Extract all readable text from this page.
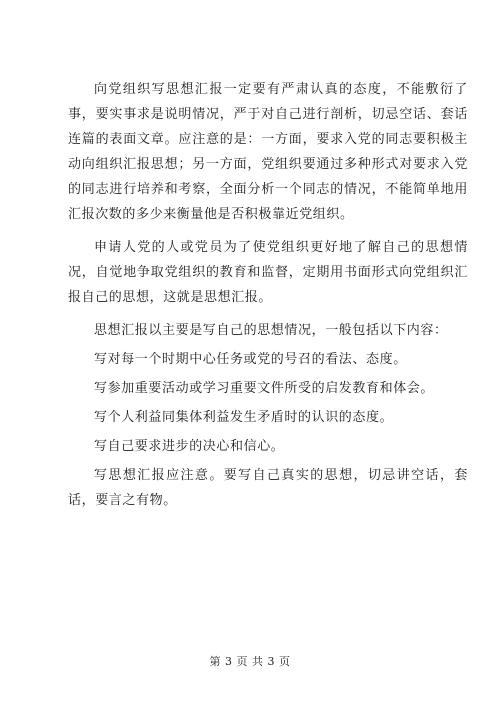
向党组织写思想汇报一定要有严肃认真的态度，不能敷衍了事，要实事求是说明情况，严于对自己进行剖析，切忌空话、套话连篇的表面文章。应注意的是：一方面，要求入党的同志要积极主动向组织汇报思想；另一方面，党组织要通过多种形式对要求入党的同志进行培养和考察，全面分析一个同志的情况，不能简单地用汇报次数的多少来衡量他是否积极靠近党组织。

申请人党的人或党员为了使党组织更好地了解自己的思想情况，自觉地争取党组织的教育和监督，定期用书面形式向党组织汇报自己的思想，这就是思想汇报。

思想汇报以主要是写自己的思想情况，一般包括以下内容：

写对每一个时期中心任务或党的号召的看法、态度。

写参加重要活动或学习重要文件所受的启发教育和体会。

写个人利益同集体利益发生矛盾时的认识的态度。

写自己要求进步的决心和信心。

写思想汇报应注意。要写自己真实的思想，切忌讲空话，套话，要言之有物。

第 3 页 共 3 页
